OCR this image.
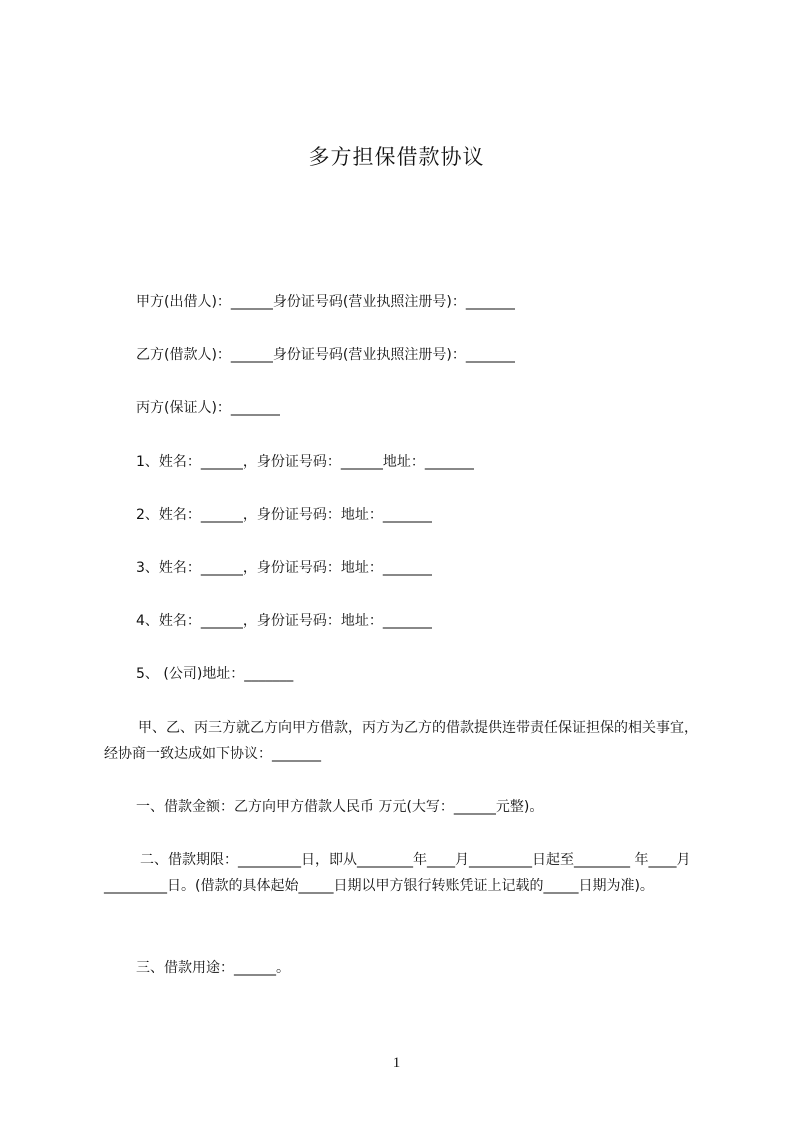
多方担保借款协议
甲方(出借人)：______身份证号码(营业执照注册号)：_______
乙方(借款人)：______身份证号码(营业执照注册号)：_______
丙方(保证人)：_______
1、姓名：______，身份证号码：______地址：_______
2、姓名：______，身份证号码：地址：_______
3、姓名：______，身份证号码：地址：_______
4、姓名：______，身份证号码：地址：_______
5、 (公司)地址：_______
甲、乙、丙三方就乙方向甲方借款，丙方为乙方的借款提供连带责任保证担保的相关事宜，经协商一致达成如下协议：_______
一、借款金额：乙方向甲方借款人民币 万元(大写：______元整)。
二、借款期限：_________日，即从________年____月_________日起至________ 年____月_________日。(借款的具体起始_____日期以甲方银行转账凭证上记载的_____日期为准)。
三、借款用途：______。
1
